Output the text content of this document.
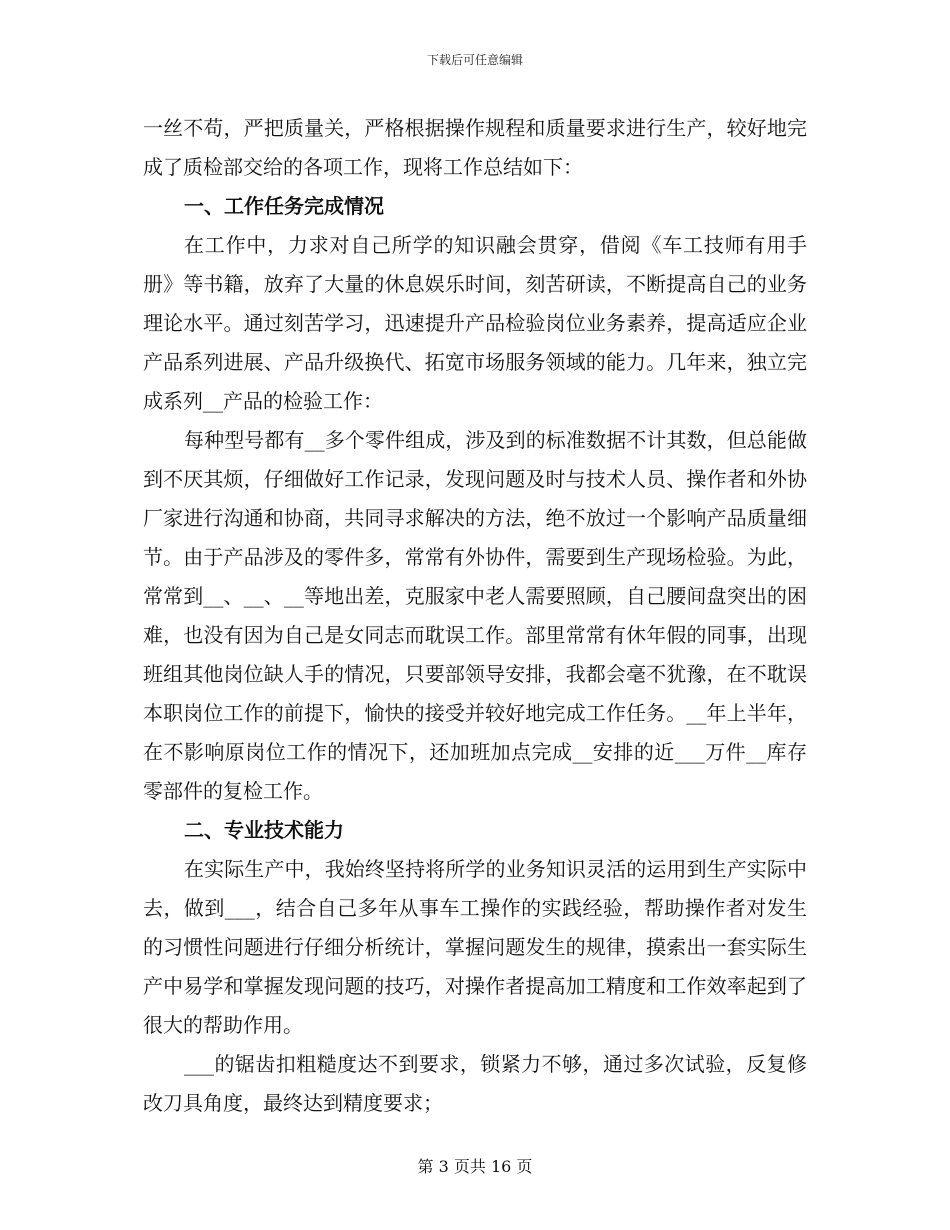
下载后可任意编辑

一丝不苟，严把质量关，严格根据操作规程和质量要求进行生产，较好地完成了质检部交给的各项工作，现将工作总结如下：

一、工作任务完成情况

在工作中，力求对自己所学的知识融会贯穿，借阅《车工技师有用手册》等书籍，放弃了大量的休息娱乐时间，刻苦研读，不断提高自己的业务理论水平。通过刻苦学习，迅速提升产品检验岗位业务素养，提高适应企业产品系列进展、产品升级换代、拓宽市场服务领域的能力。几年来，独立完成系列__产品的检验工作：

每种型号都有__多个零件组成，涉及到的标准数据不计其数，但总能做到不厌其烦，仔细做好工作记录，发现问题及时与技术人员、操作者和外协厂家进行沟通和协商，共同寻求解决的方法，绝不放过一个影响产品质量细节。由于产品涉及的零件多，常常有外协件，需要到生产现场检验。为此，常常到__、__、__等地出差，克服家中老人需要照顾，自己腰间盘突出的困难，也没有因为自己是女同志而耽误工作。部里常常有休年假的同事，出现班组其他岗位缺人手的情况，只要部领导安排，我都会毫不犹豫，在不耽误本职岗位工作的前提下，愉快的接受并较好地完成工作任务。__年上半年，在不影响原岗位工作的情况下，还加班加点完成__安排的近___万件__库存零部件的复检工作。

二、专业技术能力

在实际生产中，我始终坚持将所学的业务知识灵活的运用到生产实际中去，做到___，结合自己多年从事车工操作的实践经验，帮助操作者对发生的习惯性问题进行仔细分析统计，掌握问题发生的规律，摸索出一套实际生产中易学和掌握发现问题的技巧，对操作者提高加工精度和工作效率起到了很大的帮助作用。

___的锯齿扣粗糙度达不到要求，锁紧力不够，通过多次试验，反复修改刀具角度，最终达到精度要求；

第 3 页共 16 页
